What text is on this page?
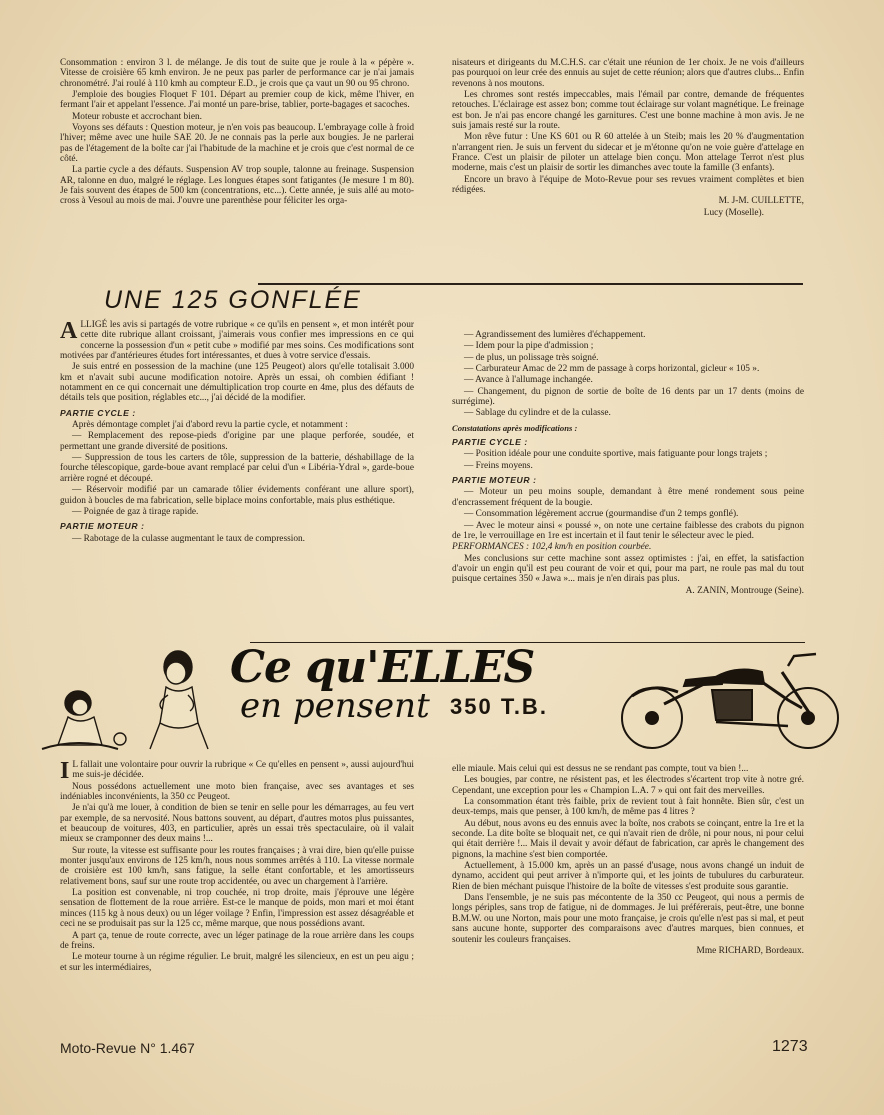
Consommation : environ 3 l. de mélange. Je dis tout de suite que je roule à la « pépère ». Vitesse de croisière 65 kmh environ. Je ne peux pas parler de performance car je n'ai jamais chronométré. J'ai roulé à 110 kmh au compteur E.D., je crois que ça vaut un 90 ou 95 chrono.

J'emploie des bougies Floquet F 101. Départ au premier coup de kick, même l'hiver, en fermant l'air et appelant l'essence. J'ai monté un pare-brise, tablier, porte-bagages et sacoches.

Moteur robuste et accrochant bien.

Voyons ses défauts : Question moteur, je n'en vois pas beaucoup. L'embrayage colle à froid l'hiver; même avec une huile SAE 20. Je ne connais pas la perle aux bougies. Je ne parlerai pas de l'étagement de la boîte car j'ai l'habitude de la machine et je crois que c'est normal de ce côté.

La partie cycle a des défauts. Suspension AV trop souple, talonne au freinage. Suspension AR, talonne en duo, malgré le réglage. Les longues étapes sont fatigantes (Je mesure 1 m 80). Je fais souvent des étapes de 500 km (concentrations, etc...). Cette année, je suis allé au moto-cross à Vesoul au mois de mai. J'ouvre une parenthèse pour féliciter les orga-

nisateurs et dirigeants du M.C.H.S. car c'était une réunion de 1er choix. Je ne vois d'ailleurs pas pourquoi on leur crée des ennuis au sujet de cette réunion; alors que d'autres clubs... Enfin revenons à nos moutons.

Les chromes sont restés impeccables, mais l'émail par contre, demande de fréquentes retouches. L'éclairage est assez bon; comme tout éclairage sur volant magnétique. Le freinage est bon. Je n'ai pas encore changé les garnitures. C'est une bonne machine à mon avis. Je ne suis jamais resté sur la route.

Mon rêve futur : Une KS 601 ou R 60 attelée à un Steib; mais les 20 % d'augmentation n'arrangent rien. Je suis un fervent du sidecar et je m'étonne qu'on ne voie guère d'attelage en France. C'est un plaisir de piloter un attelage bien conçu. Mon attelage Terrot n'est plus moderne, mais c'est un plaisir de sortir les dimanches avec toute la famille (3 enfants).

Encore un bravo à l'équipe de Moto-Revue pour ses revues vraiment complètes et bien rédigées.

M. J-M. CUILLETTE,

Lucy (Moselle).

UNE 125 GONFLÉE

A LLIGÉ les avis si partagés de votre rubrique « ce qu'ils en pensent », et mon intérêt pour cette dite rubrique allant croissant, j'aimerais vous confier mes impressions en ce qui concerne la possession d'un « petit cube » modifié par mes soins. Ces modifications sont motivées par d'antérieures études fort intéressantes, et dues à votre service d'essais.

Je suis entré en possession de la machine (une 125 Peugeot) alors qu'elle totalisait 3.000 km et n'avait subi aucune modification notoire. Après un essai, oh combien édifiant ! notamment en ce qui concernait une démultiplication trop courte en 4me, plus des défauts de détails tels que position, réglables etc..., j'ai décidé de la modifier.

PARTIE CYCLE :

Après démontage complet j'ai d'abord revu la partie cycle, et notamment :

— Remplacement des repose-pieds d'origine par une plaque perforée, soudée, et permettant une grande diversité de positions.

— Suppression de tous les carters de tôle, suppression de la batterie, déshabillage de la fourche télescopique, garde-boue avant remplacé par celui d'un « Libéria-Ydral », garde-boue arrière rogné et découpé.

— Réservoir modifié par un camarade tôlier évidements conférant une allure sport), guidon à boucles de ma fabrication, selle biplace moins confortable, mais plus esthétique.

— Poignée de gaz à tirage rapide.

PARTIE MOTEUR :

— Rabotage de la culasse augmentant le taux de compression.

— Agrandissement des lumières d'échappement.

— Idem pour la pipe d'admission ;

— de plus, un polissage très soigné.

— Carburateur Amac de 22 mm de passage à corps horizontal, gicleur « 105 ».

— Avance à l'allumage inchangée.

— Changement, du pignon de sortie de boîte de 16 dents par un 17 dents (moins de surrégime).

— Sablage du cylindre et de la culasse.

Constatations après modifications :
PARTIE CYCLE :

— Position idéale pour une conduite sportive, mais fatiguante pour longs trajets ;

— Freins moyens.

PARTIE MOTEUR :

— Moteur un peu moins souple, demandant à être mené rondement sous peine d'encrassement fréquent de la bougie.

— Consommation légèrement accrue (gourmandise d'un 2 temps gonflé).

— Avec le moteur ainsi « poussé », on note une certaine faiblesse des crabots du pignon de 1re, le verrouillage en 1re est incertain et il faut tenir le sélecteur avec le pied.

PERFORMANCES : 102,4 km/h en position courbée.

Mes conclusions sur cette machine sont assez optimistes : j'ai, en effet, la satisfaction d'avoir un engin qu'il est peu courant de voir et qui, pour ma part, ne roule pas mal du tout puisque certaines 350 « Jawa »... mais je n'en dirais pas plus.

A. ZANIN, Montrouge (Seine).

Ce qu'ELLES
en pensent 350 T.B.

I L fallait une volontaire pour ouvrir la rubrique « Ce qu'elles en pensent », aussi aujourd'hui me suis-je décidée.

Nous possédons actuellement une moto bien française, avec ses avantages et ses indéniables inconvénients, la 350 cc Peugeot.

Je n'ai qu'à me louer, à condition de bien se tenir en selle pour les démarrages, au feu vert par exemple, de sa nervosité. Nous battons souvent, au départ, d'autres motos plus puissantes, et beaucoup de voitures, 403, en particulier, après un essai très spectaculaire, où il valait mieux se cramponner des deux mains !...

Sur route, la vitesse est suffisante pour les routes françaises ; à vrai dire, bien qu'elle puisse monter jusqu'aux environs de 125 km/h, nous nous sommes arrêtés à 110. La vitesse normale de croisière est 100 km/h, sans fatigue, la selle étant confortable, et les amortisseurs relativement bons, sauf sur une route trop accidentée, ou avec un chargement à l'arrière.

La position est convenable, ni trop couchée, ni trop droite, mais j'éprouve une légère sensation de flottement de la roue arrière. Est-ce le manque de poids, mon mari et moi étant minces (115 kg à nous deux) ou un léger voilage ? Enfin, l'impression est assez désagréable et ceci ne se produisait pas sur la 125 cc, même marque, que nous possédions avant.

A part ça, tenue de route correcte, avec un léger patinage de la roue arrière dans les coups de freins.

Le moteur tourne à un régime régulier. Le bruit, malgré les silencieux, en est un peu aigu ; et sur les intermédiaires,

elle miaule. Mais celui qui est dessus ne se rendant pas compte, tout va bien !...

Les bougies, par contre, ne résistent pas, et les électrodes s'écartent trop vite à notre gré. Cependant, une exception pour les « Champion L.A. 7 » qui ont fait des merveilles.

La consommation étant très faible, prix de revient tout à fait honnête. Bien sûr, c'est un deux-temps, mais que penser, à 100 km/h, de même pas 4 litres ?

Au début, nous avons eu des ennuis avec la boîte, nos crabots se coinçant, entre la 1re et la seconde. La dite boîte se bloquait net, ce qui n'avait rien de drôle, ni pour nous, ni pour celui qui était derrière !... Mais il devait y avoir défaut de fabrication, car après le changement des pignons, la machine s'est bien comportée.

Actuellement, à 15.000 km, après un an passé d'usage, nous avons changé un induit de dynamo, accident qui peut arriver à n'importe qui, et les joints de tubulures du carburateur. Rien de bien méchant puisque l'histoire de la boîte de vitesses s'est produite sous garantie.

Dans l'ensemble, je ne suis pas mécontente de la 350 cc Peugeot, qui nous a permis de longs périples, sans trop de fatigue, ni de dommages. Je lui préférerais, peut-être, une bonne B.M.W. ou une Norton, mais pour une moto française, je crois qu'elle n'est pas si mal, et peut sans aucune honte, supporter des comparaisons avec d'autres marques, bien connues, et soutenir les couleurs françaises.

Mme RICHARD, Bordeaux.

Moto-Revue N° 1.467	1273
